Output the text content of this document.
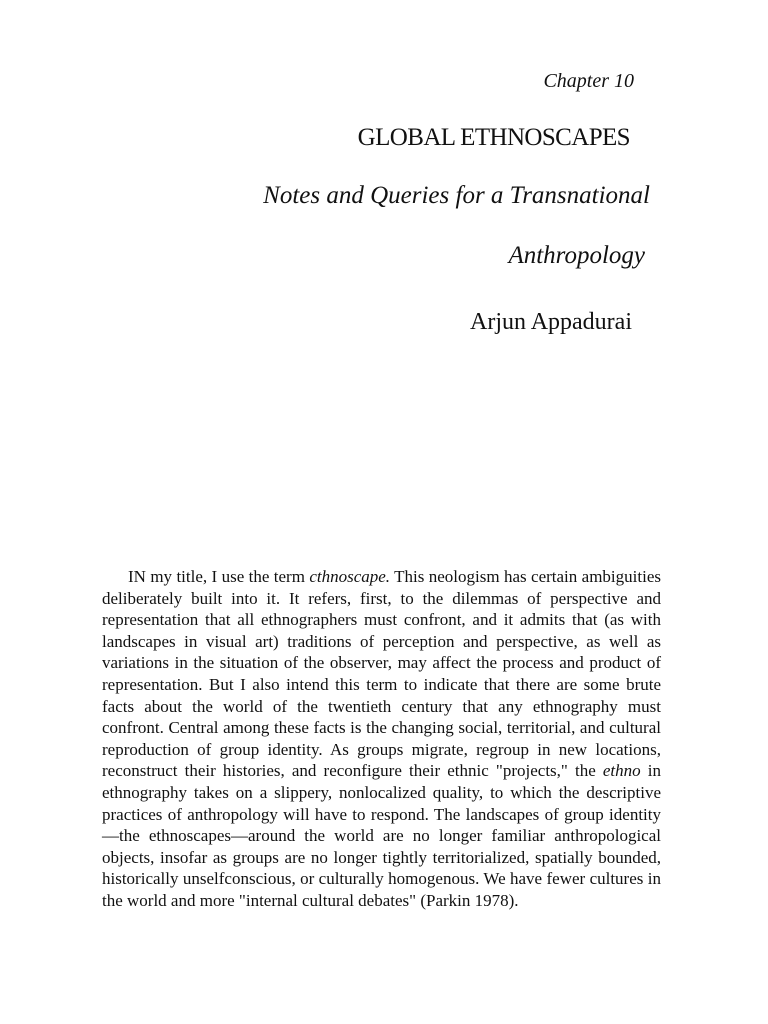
Chapter 10
GLOBAL ETHNOSCAPES
Notes and Queries for a Transnational
Anthropology
Arjun Appadurai

IN my title, I use the term cthnoscape. This neologism has certain ambiguities deliberately built into it. It refers, first, to the dilemmas of perspective and representation that all ethnographers must confront, and it admits that (as with landscapes in visual art) traditions of perception and perspective, as well as variations in the situation of the observer, may affect the process and product of representation. But I also intend this term to indicate that there are some brute facts about the world of the twentieth century that any ethnography must confront. Central among these facts is the changing social, territorial, and cultural reproduction of group identity. As groups migrate, regroup in new locations, reconstruct their histories, and reconfigure their ethnic "projects," the ethno in ethnography takes on a slippery, nonlocalized quality, to which the descriptive practices of anthropology will have to respond. The landscapes of group identity—the ethnoscapes—around the world are no longer familiar anthropological objects, insofar as groups are no longer tightly territorialized, spatially bounded, historically unselfconscious, or culturally homogenous. We have fewer cultures in the world and more "internal cultural debates" (Parkin 1978).
